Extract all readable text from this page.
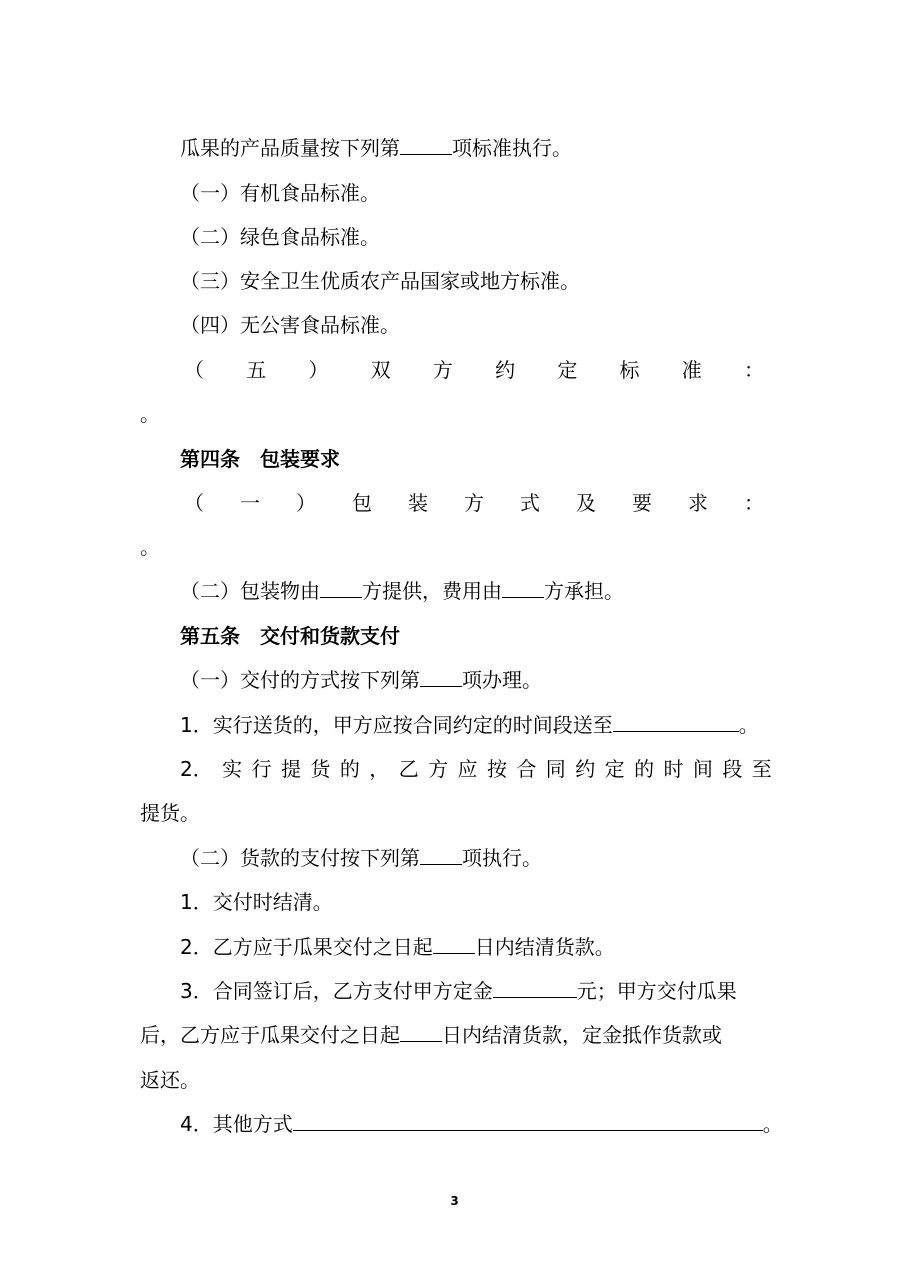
瓜果的产品质量按下列第	项标准执行。
（一）有机食品标准。
（二）绿色食品标准。
（三）安全卫生优质农产品国家或地方标准。
（四）无公害食品标准。
（ 五 ） 双 方 约 定 标 准 ：
。
第四条　包装要求
（ 一 ） 包 装 方 式 及 要 求 ：
。
（二）包装物由 方提供，费用由 方承担。
第五条　交付和货款支付
（一）交付的方式按下列第 项办理。
1．实行送货的，甲方应按合同约定的时间段送至	。
2． 实 行 提 货 的 ， 乙 方 应 按 合 同 约 定 的 时 间 段 至
提货。
（二）货款的支付按下列第 项执行。
1．交付时结清。
2．乙方应于瓜果交付之日起 日内结清货款。
3．合同签订后，乙方支付甲方定金	元；甲方交付瓜果
后，乙方应于瓜果交付之日起 日内结清货款，定金抵作货款或
返还。
4．其他方式	。
3
